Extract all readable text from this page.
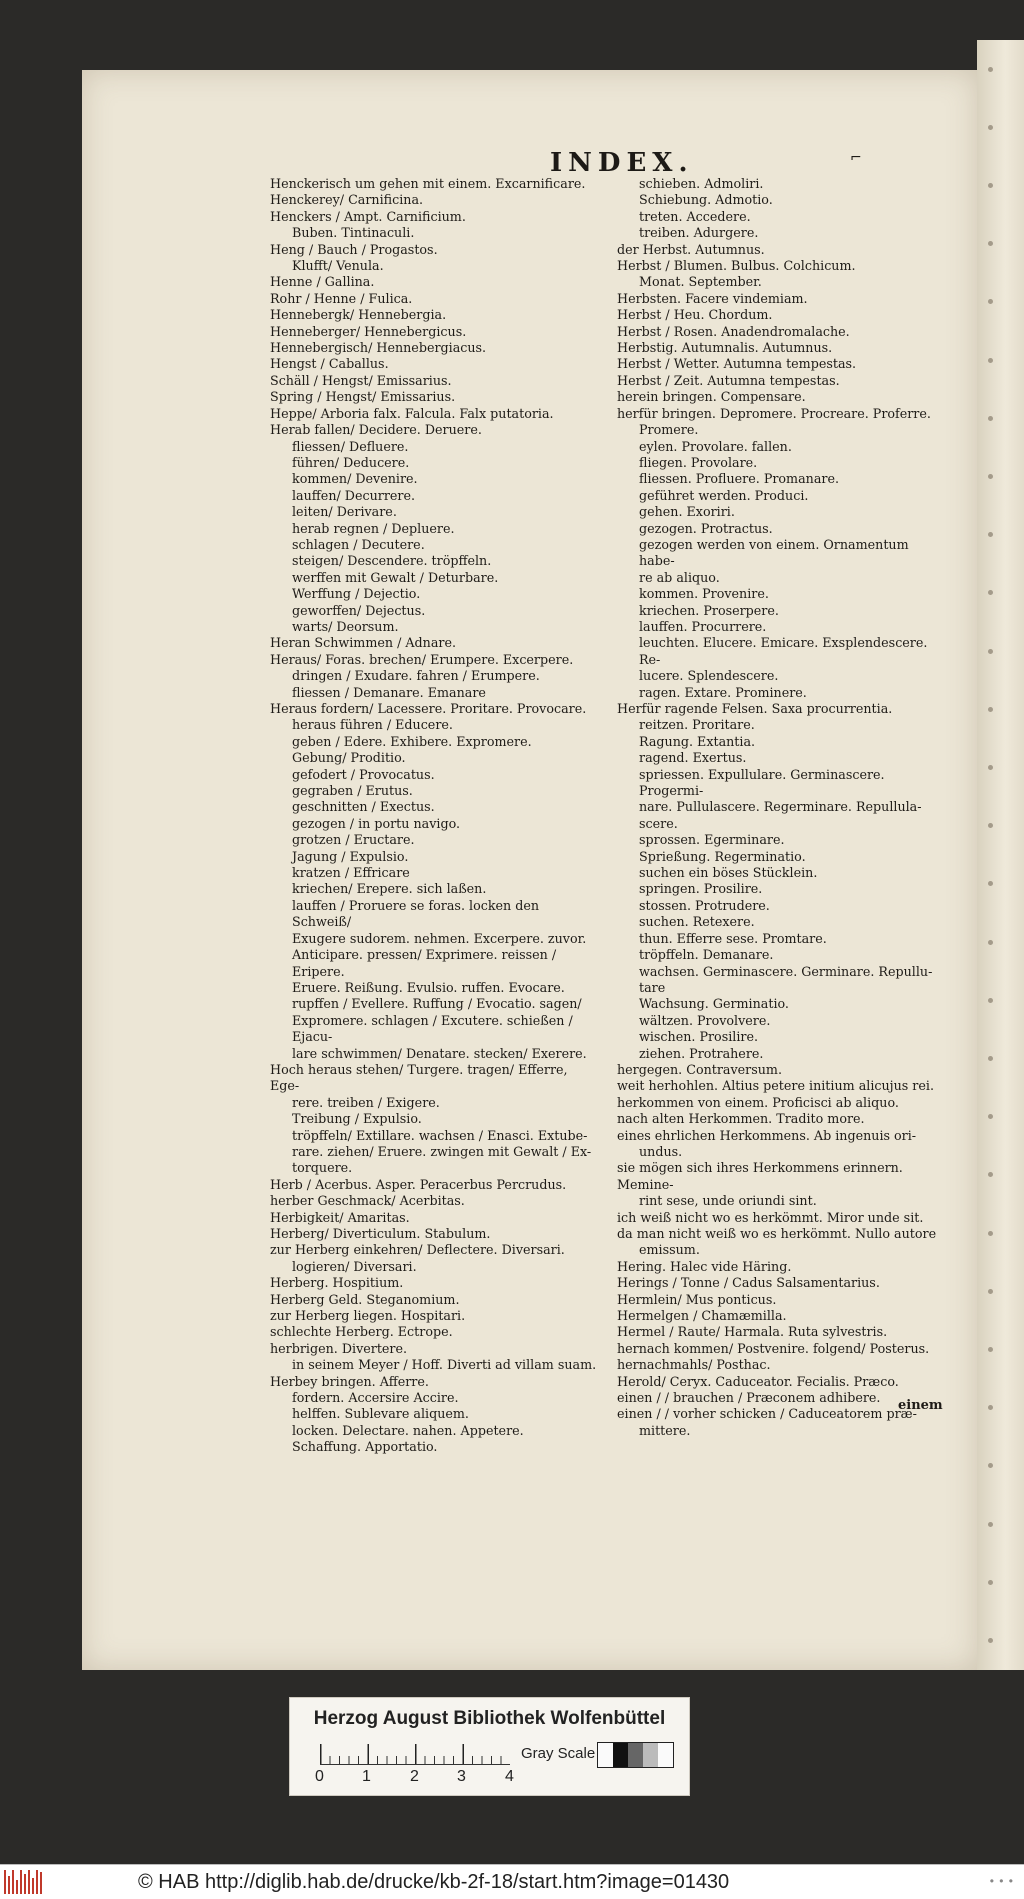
INDEX.	⌐
Henckerisch um gehen mit einem. Excarnificare.
Henckerey/ Carnificina.
Henckers / Ampt. Carnificium.
Buben. Tintinaculi.
Heng / Bauch / Progastos.
Klufft/ Venula.
Henne / Gallina.
Rohr / Henne / Fulica.
Hennebergk/ Hennebergia.
Henneberger/ Hennebergicus.
Hennebergisch/ Hennebergiacus.
Hengst / Caballus.
Schäll / Hengst/ Emissarius.
Spring / Hengst/ Emissarius.
Heppe/ Arboria falx. Falcula. Falx putatoria.
Herab fallen/ Decidere. Deruere.
fliessen/ Defluere.
führen/ Deducere.
kommen/ Devenire.
lauffen/ Decurrere.
leiten/ Derivare.
herab regnen / Depluere.
schlagen / Decutere.
steigen/ Descendere. tröpffeln.
werffen mit Gewalt / Deturbare.
Werffung / Dejectio.
geworffen/ Dejectus.
warts/ Deorsum.
Heran Schwimmen / Adnare.
Heraus/ Foras. brechen/ Erumpere. Excerpere.
dringen / Exudare. fahren / Erumpere.
fliessen / Demanare. Emanare
Heraus fordern/ Lacessere. Proritare. Provocare.
heraus führen / Educere.
geben / Edere. Exhibere. Expromere.
Gebung/ Proditio.
gefodert / Provocatus.
gegraben / Erutus.
geschnitten / Exectus.
gezogen / in portu navigo.
grotzen / Eructare.
Jagung / Expulsio.
kratzen / Effricare
kriechen/ Erepere. sich laßen.
lauffen / Proruere se foras. locken den Schweiß/
Exugere sudorem. nehmen. Excerpere. zuvor.
Anticipare. pressen/ Exprimere. reissen / Eripere.
Eruere. Reißung. Evulsio. ruffen. Evocare.
rupffen / Evellere. Ruffung / Evocatio. sagen/
Expromere. schlagen / Excutere. schießen / Ejacu-
lare schwimmen/ Denatare. stecken/ Exerere.
Hoch heraus stehen/ Turgere. tragen/ Efferre, Ege-
rere. treiben / Exigere.
Treibung / Expulsio.
tröpffeln/ Extillare. wachsen / Enasci. Extube-
rare. ziehen/ Eruere. zwingen mit Gewalt / Ex-
torquere.
Herb / Acerbus. Asper. Peracerbus Percrudus.
herber Geschmack/ Acerbitas.
Herbigkeit/ Amaritas.
Herberg/ Diverticulum. Stabulum.
zur Herberg einkehren/ Deflectere. Diversari.
logieren/ Diversari.
Herberg. Hospitium.
Herberg Geld. Steganomium.
zur Herberg liegen. Hospitari.
schlechte Herberg. Ectrope.
herbrigen. Divertere.
in seinem Meyer / Hoff. Diverti ad villam suam.
Herbey bringen. Afferre.
fordern. Accersire Accire.
helffen. Sublevare aliquem.
locken. Delectare. nahen. Appetere.
Schaffung. Apportatio.
schieben. Admoliri.
Schiebung. Admotio.
treten. Accedere.
treiben. Adurgere.
der Herbst. Autumnus.
Herbst / Blumen. Bulbus. Colchicum.
Monat. September.
Herbsten. Facere vindemiam.
Herbst / Heu. Chordum.
Herbst / Rosen. Anadendromalache.
Herbstig. Autumnalis. Autumnus.
Herbst / Wetter. Autumna tempestas.
Herbst / Zeit. Autumna tempestas.
herein bringen. Compensare.
herfür bringen. Depromere. Procreare. Proferre.
Promere.
eylen. Provolare. fallen.
fliegen. Provolare.
fliessen. Profluere. Promanare.
geführet werden. Produci.
gehen. Exoriri.
gezogen. Protractus.
gezogen werden von einem. Ornamentum habe-
re ab aliquo.
kommen. Provenire.
kriechen. Proserpere.
lauffen. Procurrere.
leuchten. Elucere. Emicare. Exsplendescere. Re-
lucere. Splendescere.
ragen. Extare. Prominere.
Herfür ragende Felsen. Saxa procurrentia.
reitzen. Proritare.
Ragung. Extantia.
ragend. Exertus.
spriessen. Expullulare. Germinascere. Progermi-
nare. Pullulascere. Regerminare. Repullula-
scere.
sprossen. Egerminare.
Sprießung. Regerminatio.
suchen ein böses Stücklein.
springen. Prosilire.
stossen. Protrudere.
suchen. Retexere.
thun. Efferre sese. Promtare.
tröpffeln. Demanare.
wachsen. Germinascere. Germinare. Repullu-
tare
Wachsung. Germinatio.
wältzen. Provolvere.
wischen. Prosilire.
ziehen. Protrahere.
hergegen. Contraversum.
weit herhohlen. Altius petere initium alicujus rei.
herkommen von einem. Proficisci ab aliquo.
nach alten Herkommen. Tradito more.
eines ehrlichen Herkommens. Ab ingenuis ori-
undus.
sie mögen sich ihres Herkommens erinnern. Memine-
rint sese, unde oriundi sint.
ich weiß nicht wo es herkömmt. Miror unde sit.
da man nicht weiß wo es herkömmt. Nullo autore
emissum.
Hering. Halec vide Häring.
Herings / Tonne / Cadus Salsamentarius.
Hermlein/ Mus ponticus.
Hermelgen / Chamæmilla.
Hermel / Raute/ Harmala. Ruta sylvestris.
hernach kommen/ Postvenire. folgend/ Posterus.
hernachmahls/ Posthac.
Herold/ Ceryx. Caduceator. Fecialis. Præco.
einen / / brauchen / Præconem adhibere.
einen / / vorher schicken / Caduceatorem præ-
mittere.
einem
Herzog August Bibliothek Wolfenbüttel
0 1 2 3 4
Gray Scale
© HAB http://diglib.hab.de/drucke/kb-2f-18/start.htm?image=01430	• • •
